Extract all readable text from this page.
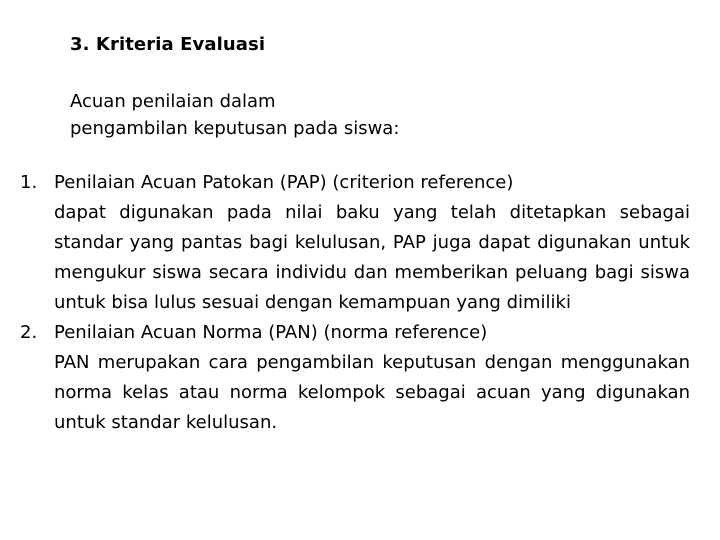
3. Kriteria Evaluasi

Acuan penilaian dalam
pengambilan keputusan pada siswa:

1. Penilaian Acuan Patokan (PAP) (criterion reference)
dapat digunakan pada nilai baku yang telah ditetapkan sebagai standar yang pantas bagi kelulusan, PAP juga dapat digunakan untuk mengukur siswa secara individu dan memberikan peluang bagi siswa untuk bisa lulus sesuai dengan kemampuan yang dimiliki
2. Penilaian Acuan Norma (PAN) (norma reference)
PAN merupakan cara pengambilan keputusan dengan menggunakan norma kelas atau norma kelompok sebagai acuan yang digunakan untuk standar kelulusan.
